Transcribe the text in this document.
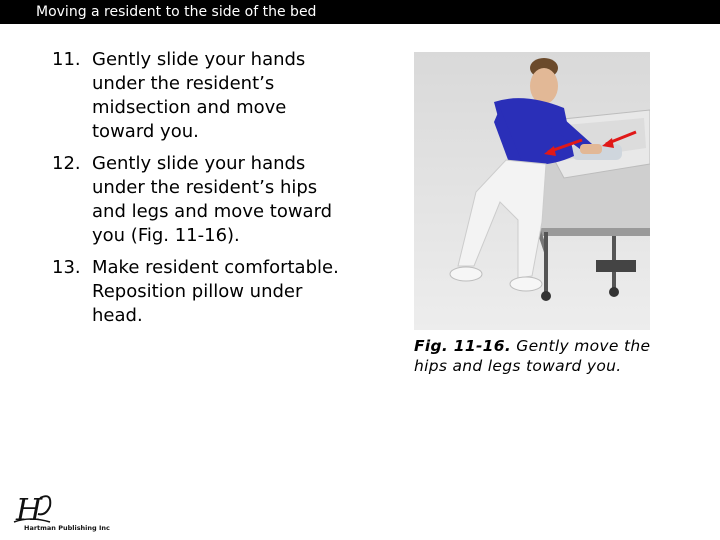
Moving a resident to the side of the bed
11. Gently slide your hands under the resident’s midsection and move toward you.
12. Gently slide your hands under the resident’s hips and legs and move toward you (Fig. 11-16).
13. Make resident comfortable. Reposition pillow under head.
Fig. 11-16. Gently move the hips and legs toward you.
H
Hartman Publishing Inc.
